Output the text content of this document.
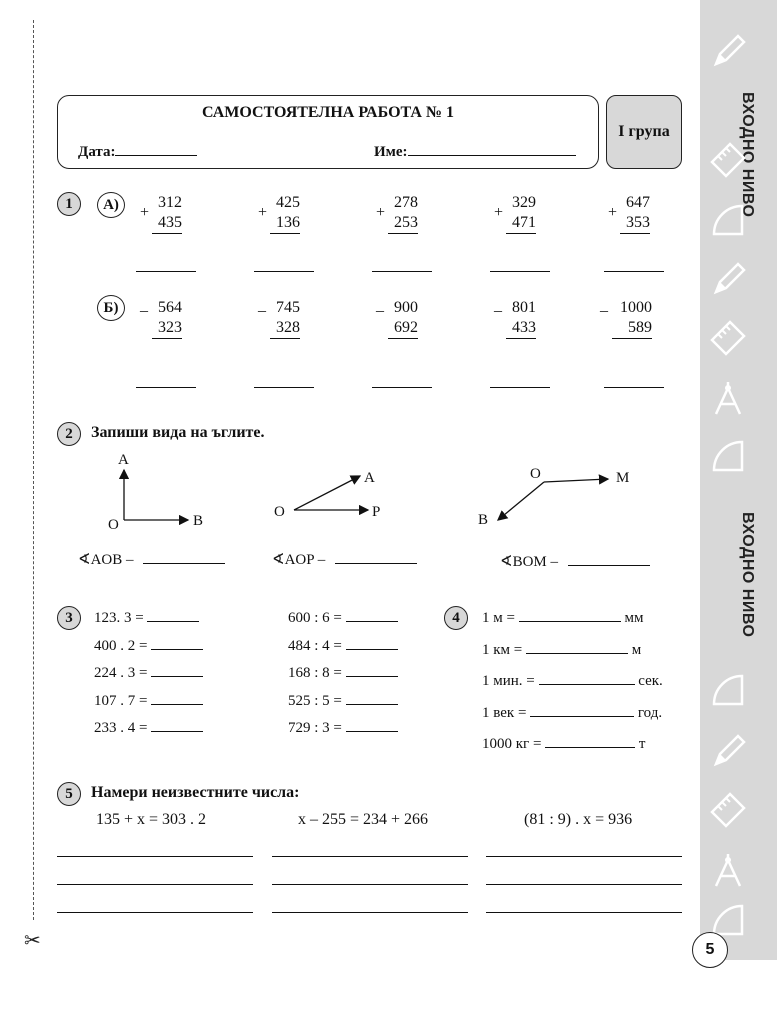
✂
ВХОДНО НИВО
ВХОДНО НИВО
САМОСТОЯТЕЛНА РАБОТА № 1
Дата:	Име:
I група
1	А)
Б)
+
312
435
+
425
136
+
278
253
+
329
471
+
647
353
_ 564
323
_ 745
328
_ 900
692
_ 801
433
_ 1000
589
2	Запиши вида на ъглите.
A
O	B
A
O	P
M
O
B
∢AOB –	∢AOP –	∢BOM –
3	123. 3 =
400 . 2 =
224 . 3 =
107 . 7 =
233 . 4 =
600 : 6 =
484 : 4 =
168 : 8 =
525 : 5 =
729 : 3 =
4	1 м =	мм
1 км =	м
1 мин. =	сек.
1 век =	год.
1000 кг =	т
5	Намери неизвестните числа:
135 + x = 303 . 2	x – 255 = 234 + 266	(81 : 9) . x = 936
5
